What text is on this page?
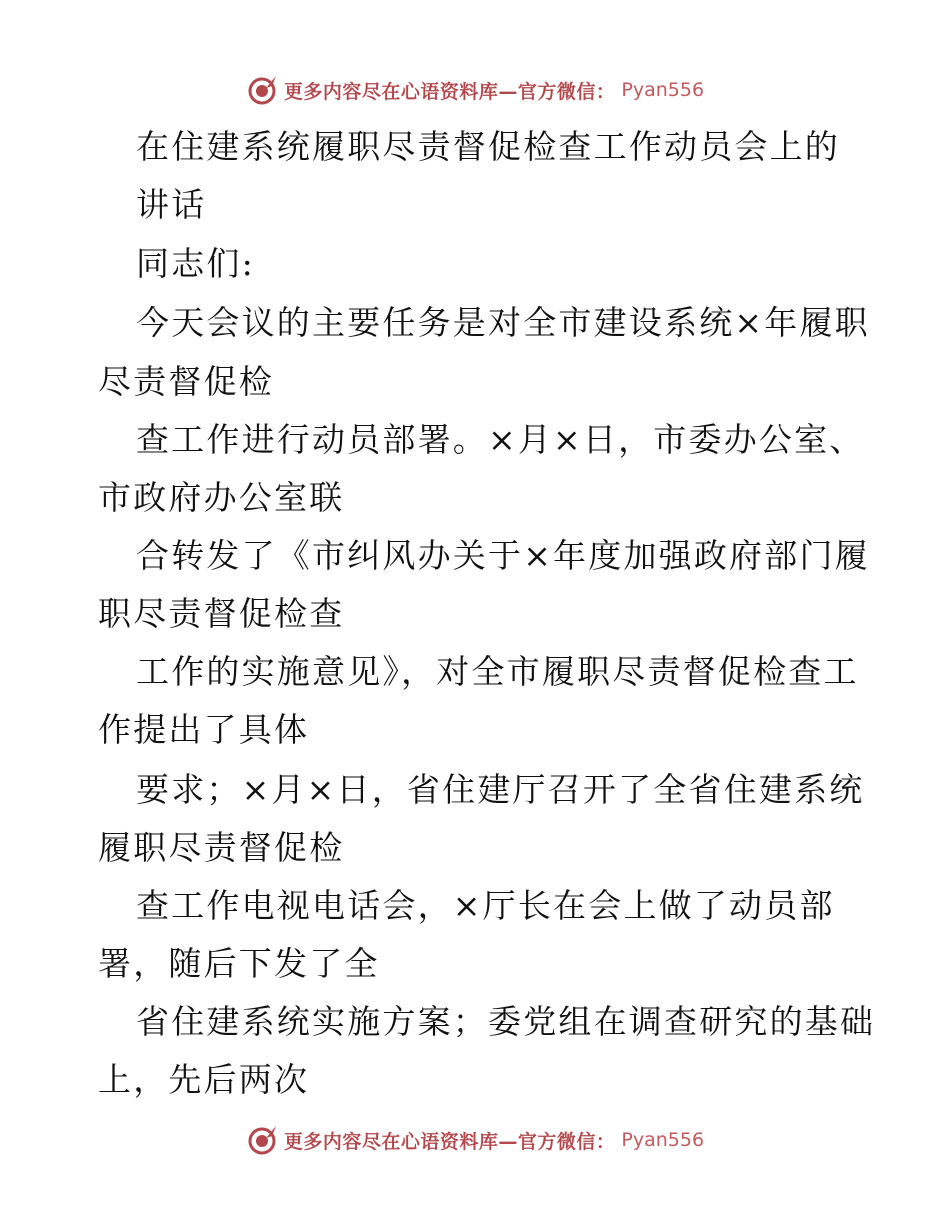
更多内容尽在心语资料库—官方微信： Pyan556
在住建系统履职尽责督促检查工作动员会上的
讲话
同志们:
今天会议的主要任务是对全市建设系统×年履职
尽责督促检
查工作进行动员部署。×月×日，市委办公室、
市政府办公室联
合转发了《市纠风办关于×年度加强政府部门履
职尽责督促检查
工作的实施意见》，对全市履职尽责督促检查工
作提出了具体
要求；×月×日，省住建厅召开了全省住建系统
履职尽责督促检
查工作电视电话会，×厅长在会上做了动员部
署，随后下发了全
省住建系统实施方案；委党组在调查研究的基础
上，先后两次
更多内容尽在心语资料库—官方微信： Pyan556
